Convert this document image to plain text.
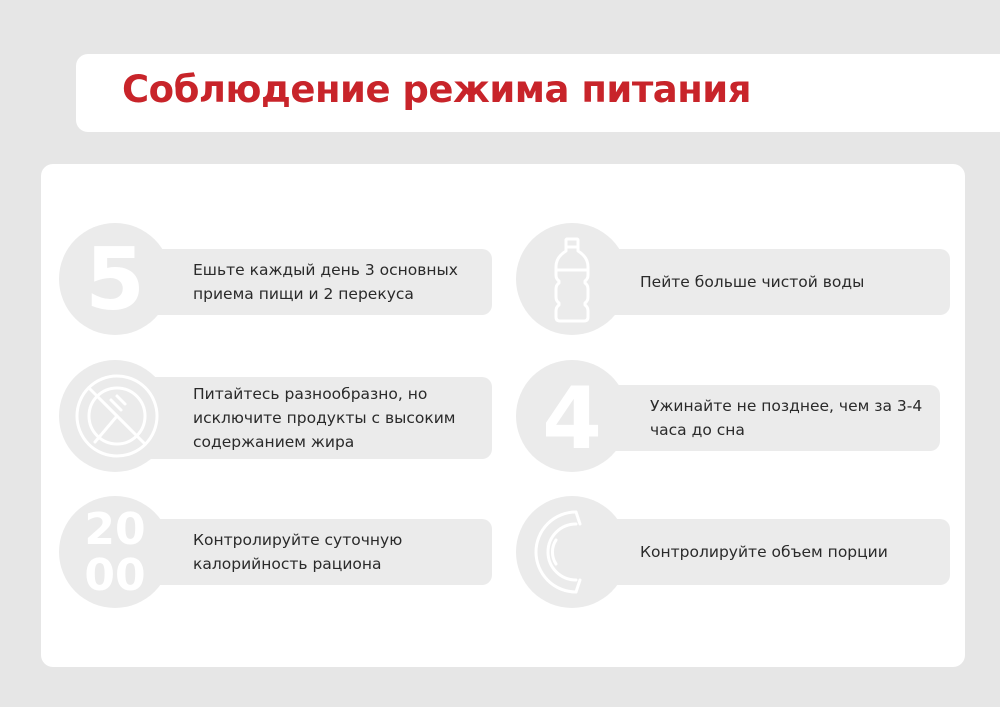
Соблюдение режима питания
Ешьте каждый день 3 основных приема пищи и 2 перекуса
5	Пейте больше чистой воды
Питайтесь разнообразно, но исключите продукты с высоким содержанием жира
Ужинайте не позднее, чем за 3-4 часа до сна
4
Контролируйте суточную калорийность рациона
20
00	Контролируйте объем порции
